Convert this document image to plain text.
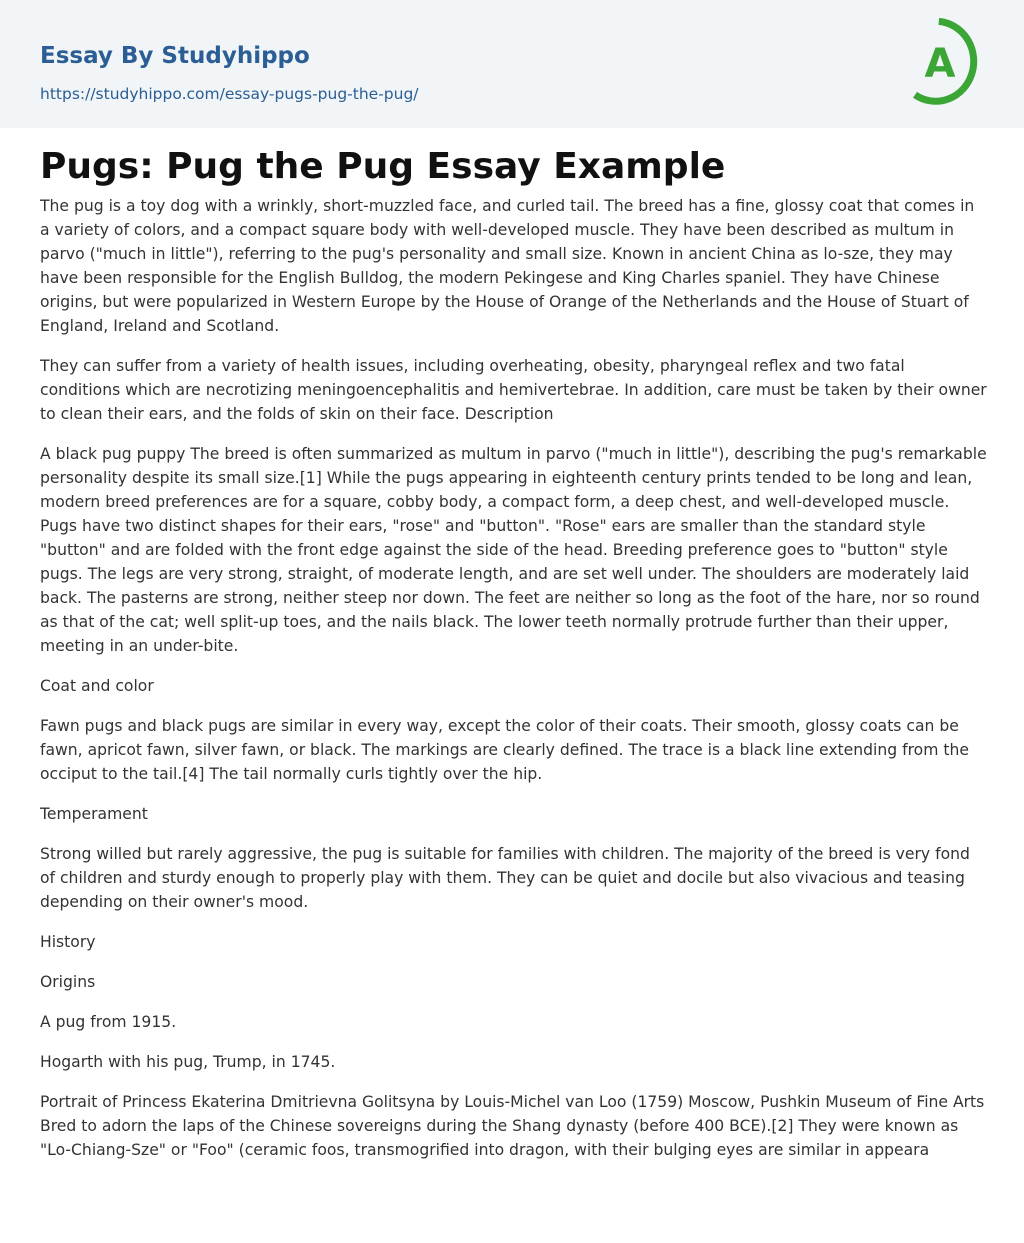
Essay By Studyhippo
https://studyhippo.com/essay-pugs-pug-the-pug/
A
Pugs: Pug the Pug Essay Example

The pug is a toy dog with a wrinkly, short-muzzled face, and curled tail. The breed has a fine, glossy coat that comes in a variety of colors, and a compact square body with well-developed muscle. They have been described as multum in parvo ("much in little"), referring to the pug's personality and small size. Known in ancient China as lo-sze, they may have been responsible for the English Bulldog, the modern Pekingese and King Charles spaniel. They have Chinese origins, but were popularized in Western Europe by the House of Orange of the Netherlands and the House of Stuart of England, Ireland and Scotland.

They can suffer from a variety of health issues, including overheating, obesity, pharyngeal reflex and two fatal conditions which are necrotizing meningoencephalitis and hemivertebrae. In addition, care must be taken by their owner to clean their ears, and the folds of skin on their face. Description

A black pug puppy The breed is often summarized as multum in parvo ("much in little"), describing the pug's remarkable personality despite its small size.[1] While the pugs appearing in eighteenth century prints tended to be long and lean, modern breed preferences are for a square, cobby body, a compact form, a deep chest, and well-developed muscle. Pugs have two distinct shapes for their ears, "rose" and "button". "Rose" ears are smaller than the standard style "button" and are folded with the front edge against the side of the head. Breeding preference goes to "button" style pugs. The legs are very strong, straight, of moderate length, and are set well under. The shoulders are moderately laid back. The pasterns are strong, neither steep nor down. The feet are neither so long as the foot of the hare, nor so round as that of the cat; well split-up toes, and the nails black. The lower teeth normally protrude further than their upper, meeting in an under-bite.

Coat and color

Fawn pugs and black pugs are similar in every way, except the color of their coats. Their smooth, glossy coats can be fawn, apricot fawn, silver fawn, or black. The markings are clearly defined. The trace is a black line extending from the occiput to the tail.[4] The tail normally curls tightly over the hip.

Temperament

Strong willed but rarely aggressive, the pug is suitable for families with children. The majority of the breed is very fond of children and sturdy enough to properly play with them. They can be quiet and docile but also vivacious and teasing depending on their owner's mood.

History

Origins

A pug from 1915.

Hogarth with his pug, Trump, in 1745.

Portrait of Princess Ekaterina Dmitrievna Golitsyna by Louis-Michel van Loo (1759) Moscow, Pushkin Museum of Fine Arts Bred to adorn the laps of the Chinese sovereigns during the Shang dynasty (before 400 BCE).[2] They were known as "Lo-Chiang-Sze" or "Foo" (ceramic foos, transmogrified into dragon, with their bulging eyes are similar in appeara
